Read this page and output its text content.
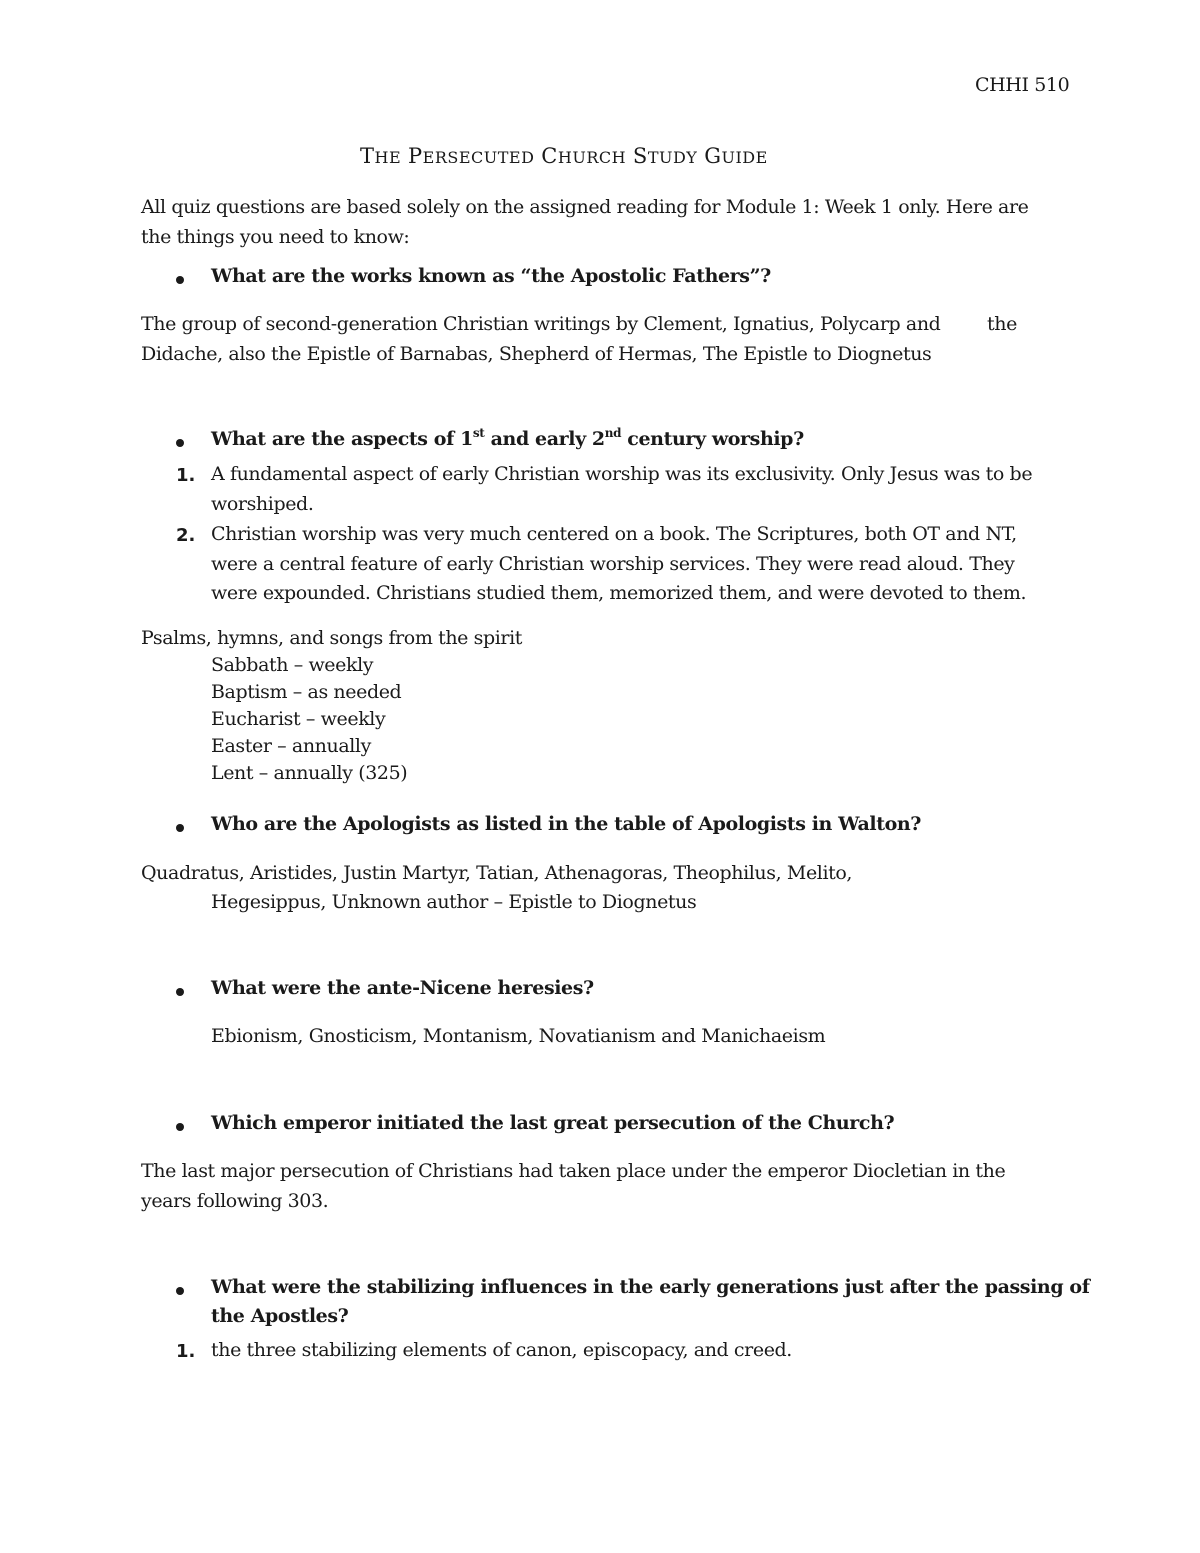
CHHI 510
THE PERSECUTED CHURCH STUDY GUIDE
All quiz questions are based solely on the assigned reading for Module 1: Week 1 only. Here are
the things you need to know:
What are the works known as “the Apostolic Fathers”?
The group of second-generation Christian writings by Clement, Ignatius, Polycarp and the
Didache, also the Epistle of Barnabas, Shepherd of Hermas, The Epistle to Diognetus
What are the aspects of 1st and early 2nd century worship?
1. A fundamental aspect of early Christian worship was its exclusivity. Only Jesus was to be
worshiped.
2. Christian worship was very much centered on a book. The Scriptures, both OT and NT,
were a central feature of early Christian worship services. They were read aloud. They
were expounded. Christians studied them, memorized them, and were devoted to them.
Psalms, hymns, and songs from the spirit
Sabbath – weekly
Baptism – as needed
Eucharist – weekly
Easter – annually
Lent – annually (325)
Who are the Apologists as listed in the table of Apologists in Walton?
Quadratus, Aristides, Justin Martyr, Tatian, Athenagoras, Theophilus, Melito,
Hegesippus, Unknown author – Epistle to Diognetus
What were the ante-Nicene heresies?
Ebionism, Gnosticism, Montanism, Novatianism and Manichaeism
Which emperor initiated the last great persecution of the Church?
The last major persecution of Christians had taken place under the emperor Diocletian in the
years following 303.
What were the stabilizing influences in the early generations just after the passing of
the Apostles?
1. the three stabilizing elements of canon, episcopacy, and creed.
